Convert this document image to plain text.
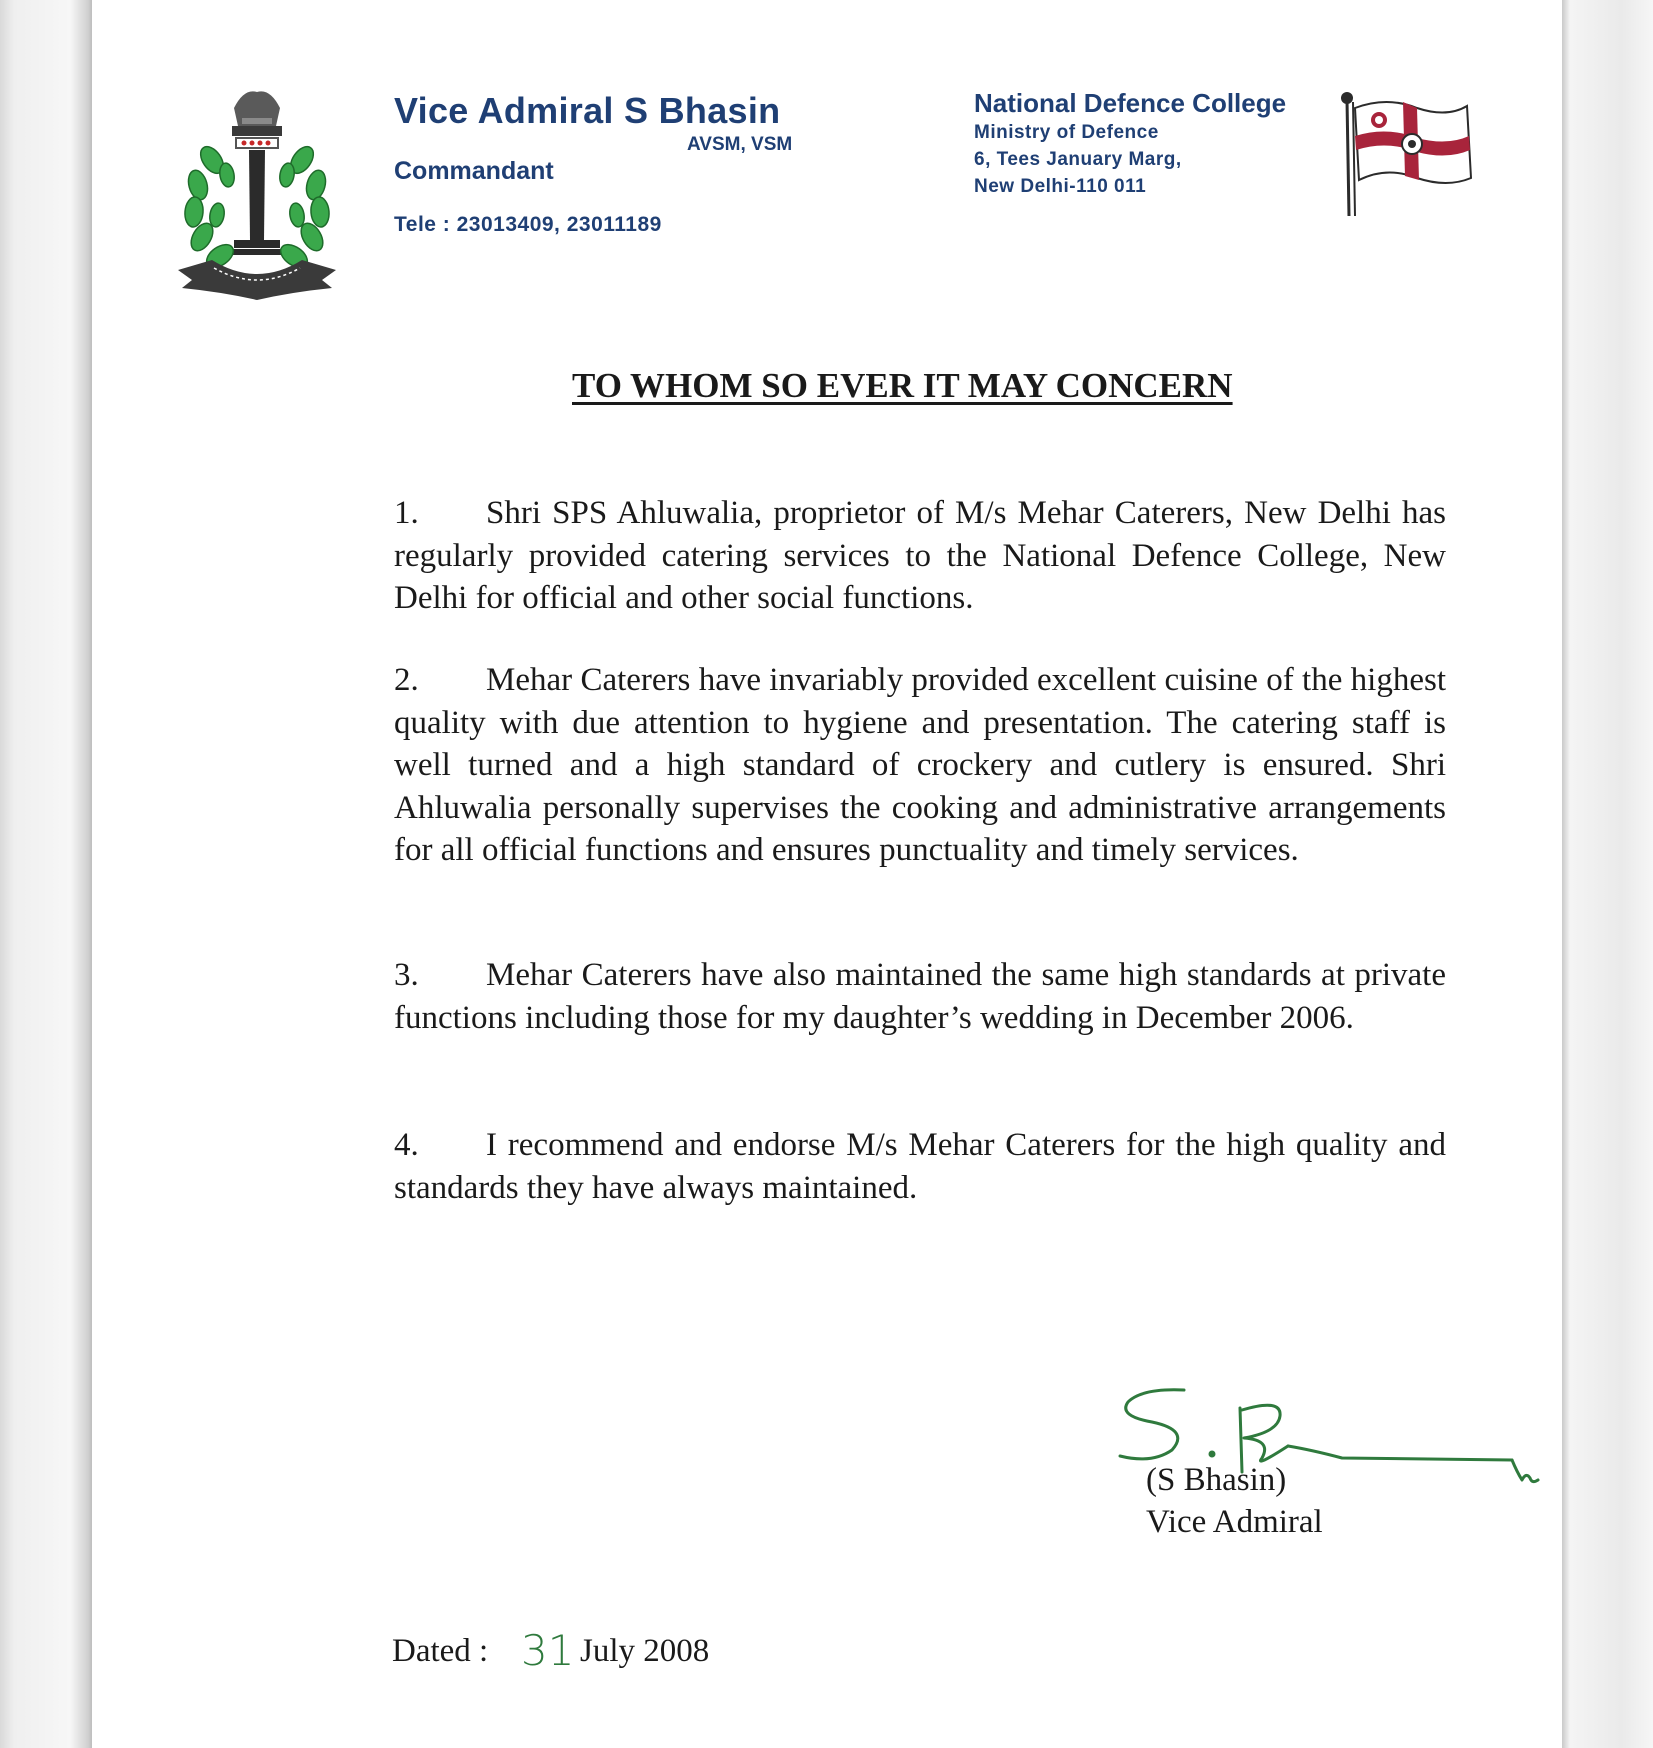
Vice Admiral S Bhasin
AVSM, VSM
Commandant
Tele : 23013409, 23011189
National Defence College
Ministry of Defence
6, Tees January Marg,
New Delhi-110 011
TO WHOM SO EVER IT MAY CONCERN
1. Shri SPS Ahluwalia, proprietor of M/s Mehar Caterers, New Delhi has regularly provided catering services to the National Defence College, New Delhi for official and other social functions.
2. Mehar Caterers have invariably provided excellent cuisine of the highest quality with due attention to hygiene and presentation. The catering staff is well turned and a high standard of crockery and cutlery is ensured. Shri Ahluwalia personally supervises the cooking and administrative arrangements for all official functions and ensures punctuality and timely services.
3. Mehar Caterers have also maintained the same high standards at private functions including those for my daughter’s wedding in December 2006.
4. I recommend and endorse M/s Mehar Caterers for the high quality and standards they have always maintained.
(S Bhasin)
Vice Admiral
Dated : 31 July 2008
